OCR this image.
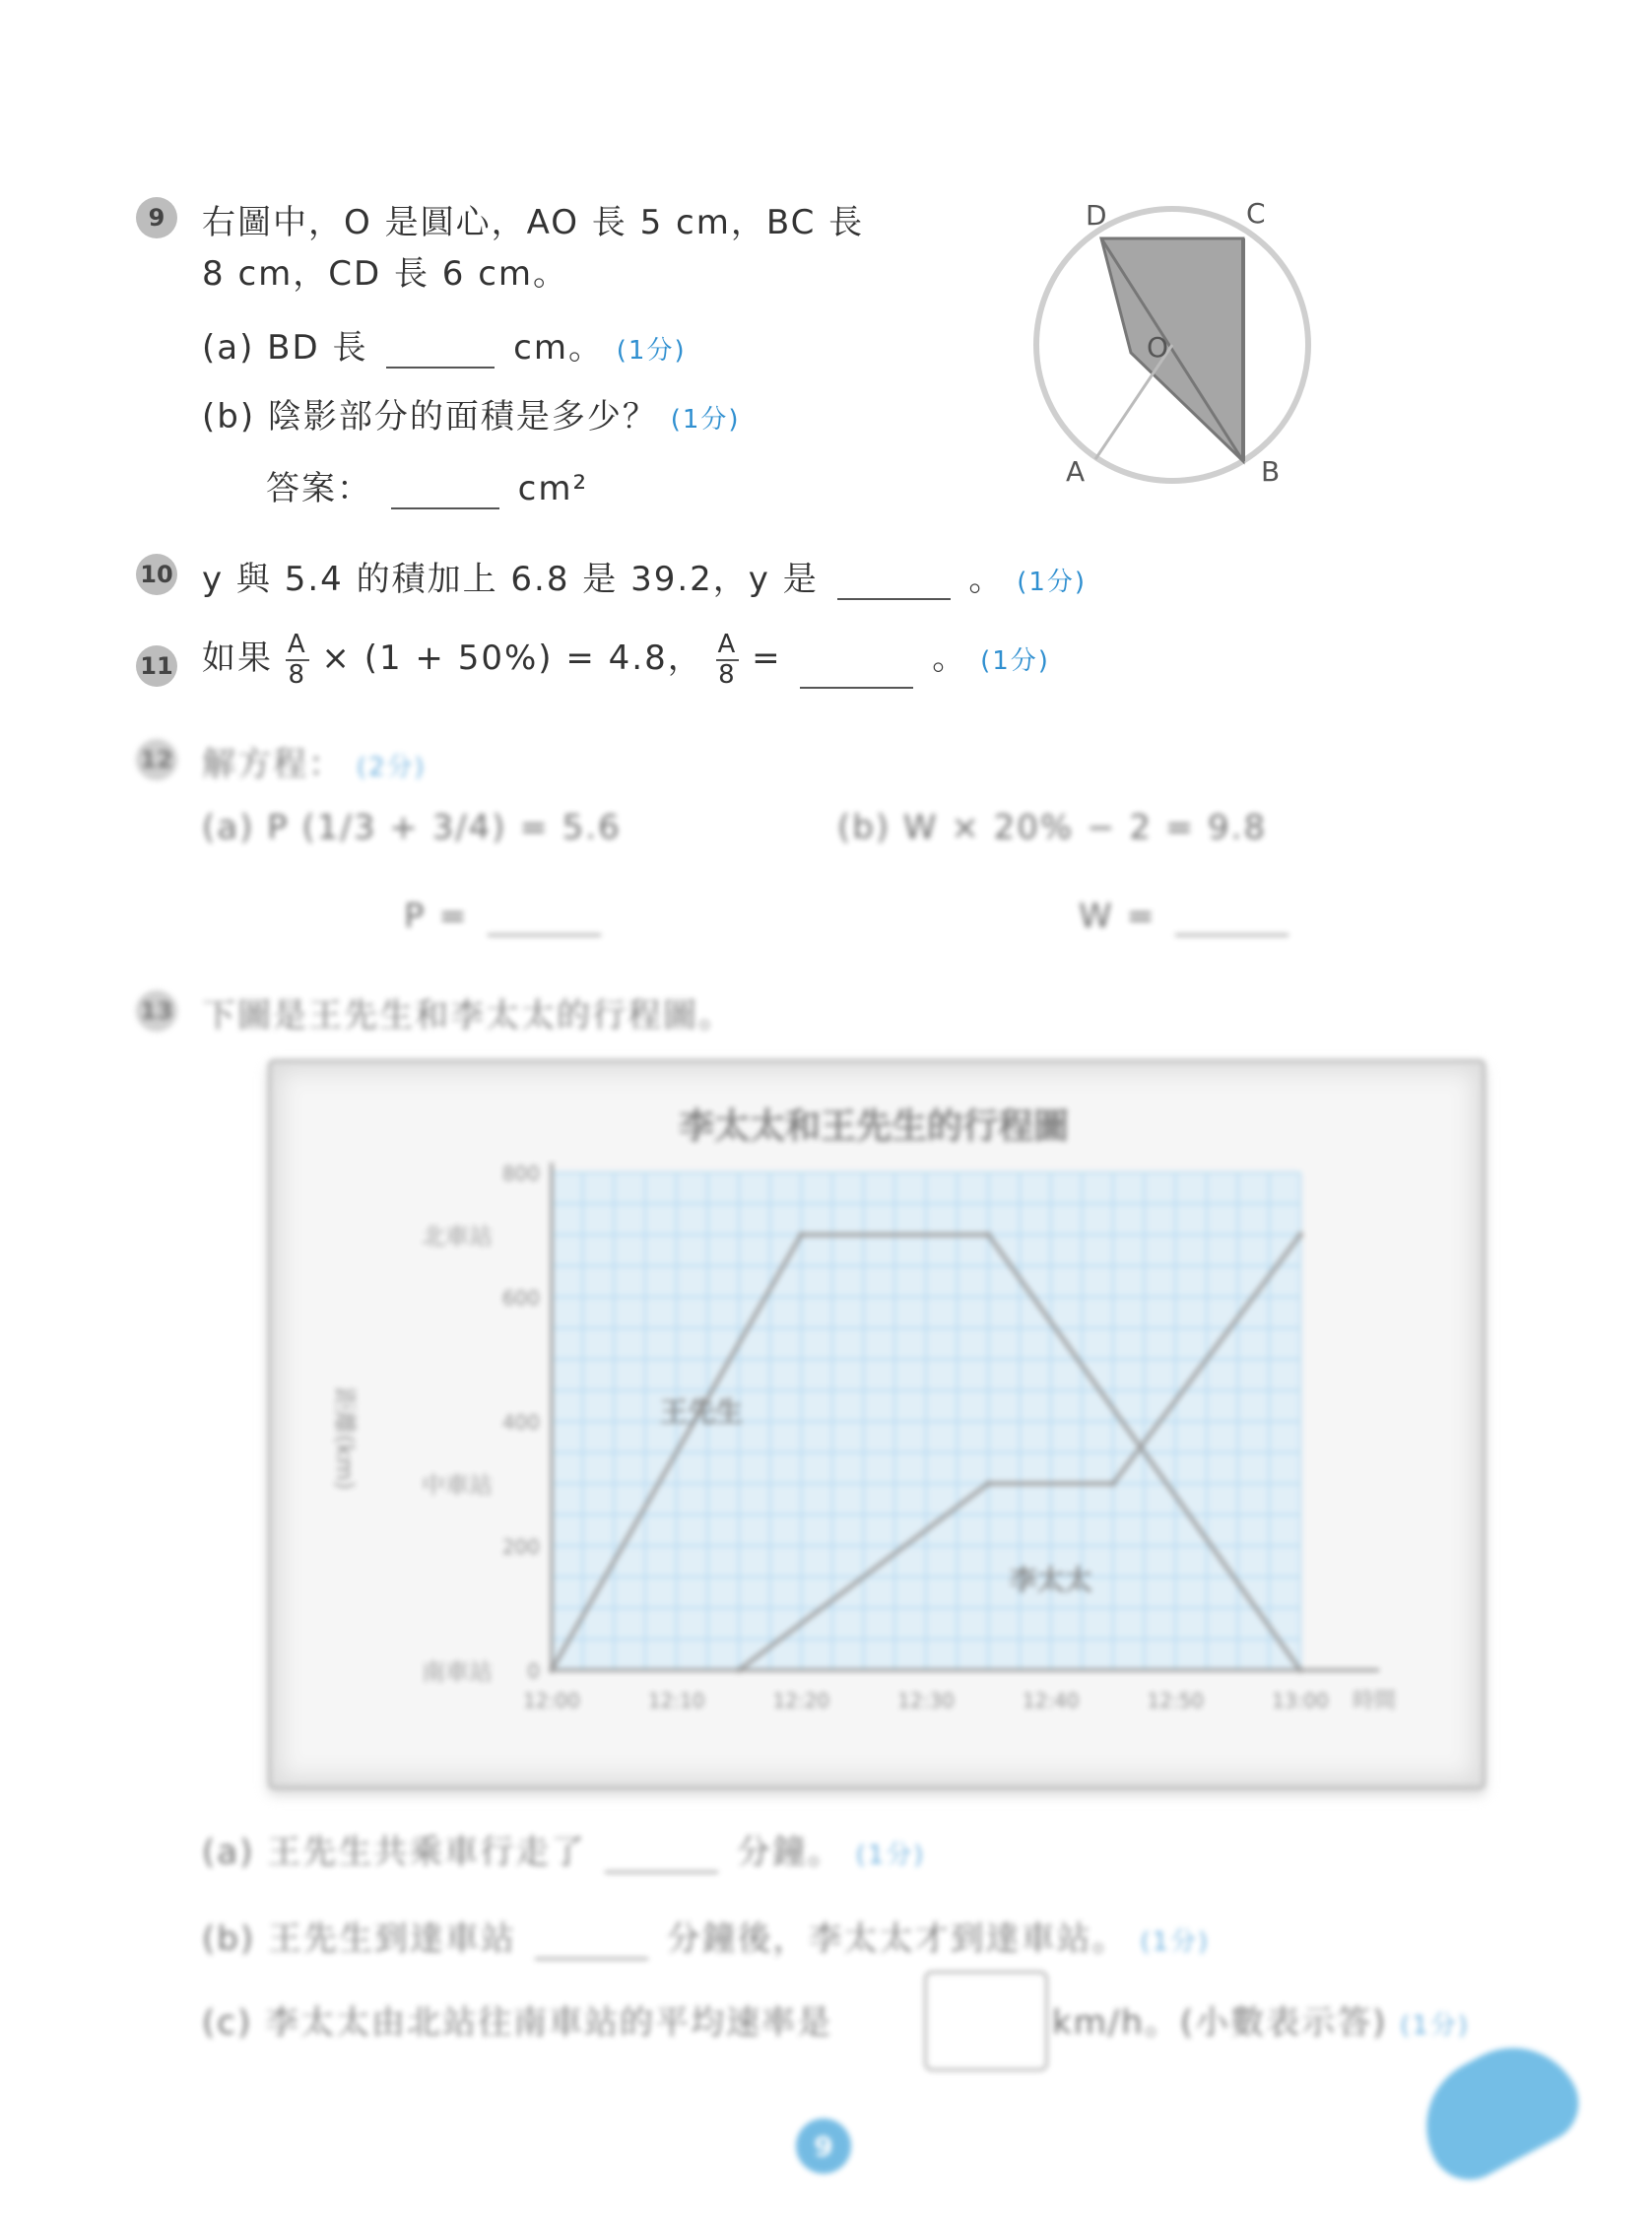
9	右圖中，O 是圓心，AO 長 5 cm，BC 長
8 cm，CD 長 6 cm。
(a) BD 長	cm。 (1分)
(b) 陰影部分的面積是多少？ (1分)
答案：	cm²
D	C
O
A	B
10 y 與 5.4 的積加上 6.8 是 39.2，y 是	。 (1分)
11 如果 $\frac{A}{8} \times (1 + 50\%) = 4.8$， $\frac{A}{8}$ =	。 (1分)
12 解方程： (2分)
(a) P (1/3 + 3/4) = 5.6	(b) W × 20% − 2 = 9.8
P =	W =
13 下圖是王先生和李太太的行程圖。
李太太和王先生的行程圖
0
200
400
600
800
北車站
中車站
南車站
距離(km)
12:00	12:10	12:20	12:30	12:40	12:50	13:00 時間
王先生
李太太
(a) 王先生共乘車行走了	分鐘。 (1分)
(b) 王先生到達車站	分鐘後，李太太才到達車站。 (1分)
(c) 李太太由北站往南車站的平均速率是	km/h。(小數表示答) (1分)
9
